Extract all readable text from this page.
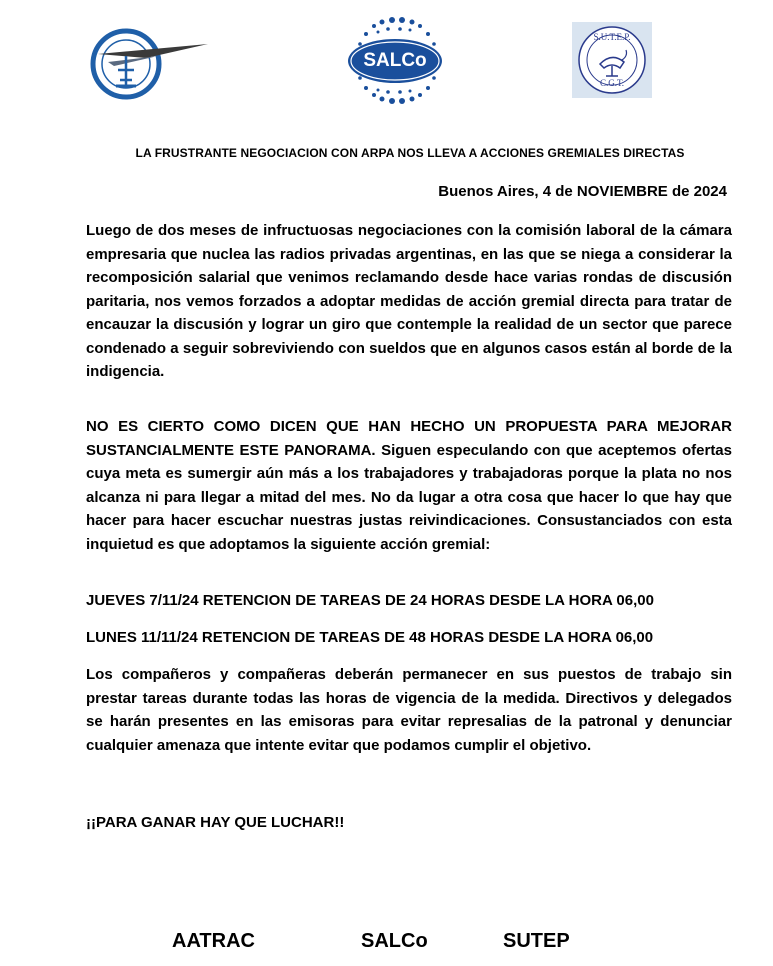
SALCo
S.U.T.E.P.
C.G.T.
LA FRUSTRANTE NEGOCIACION CON ARPA NOS LLEVA A ACCIONES GREMIALES DIRECTAS
Buenos Aires, 4 de NOVIEMBRE de 2024
Luego de dos meses de infructuosas negociaciones con la comisión laboral de la cámara empresaria que nuclea las radios privadas argentinas, en las que se niega a considerar la recomposición salarial que venimos reclamando desde hace varias rondas de discusión paritaria, nos vemos forzados a adoptar medidas de acción gremial directa para tratar de encauzar la discusión y lograr un giro que contemple la realidad de un sector que parece condenado a seguir sobreviviendo con sueldos que en algunos casos están al borde de la indigencia.
NO ES CIERTO COMO DICEN QUE HAN HECHO UN PROPUESTA PARA MEJORAR SUSTANCIALMENTE ESTE PANORAMA. Siguen especulando con que aceptemos ofertas cuya meta es sumergir aún más a los trabajadores y trabajadoras porque la plata no nos alcanza ni para llegar a mitad del mes. No da lugar a otra cosa que hacer lo que hay que hacer para hacer escuchar nuestras justas reivindicaciones. Consustanciados con esta inquietud es que adoptamos la siguiente acción gremial:
JUEVES 7/11/24 RETENCION DE TAREAS DE 24 HORAS DESDE LA HORA 06,00
LUNES 11/11/24 RETENCION DE TAREAS DE 48 HORAS DESDE LA HORA 06,00
Los compañeros y compañeras deberán permanecer en sus puestos de trabajo sin prestar tareas durante todas las horas de vigencia de la medida. Directivos y delegados se harán presentes en las emisoras para evitar represalias de la patronal y denunciar cualquier amenaza que intente evitar que podamos cumplir el objetivo.
¡¡PARA GANAR HAY QUE LUCHAR!!
AATRAC	SALCo	SUTEP
